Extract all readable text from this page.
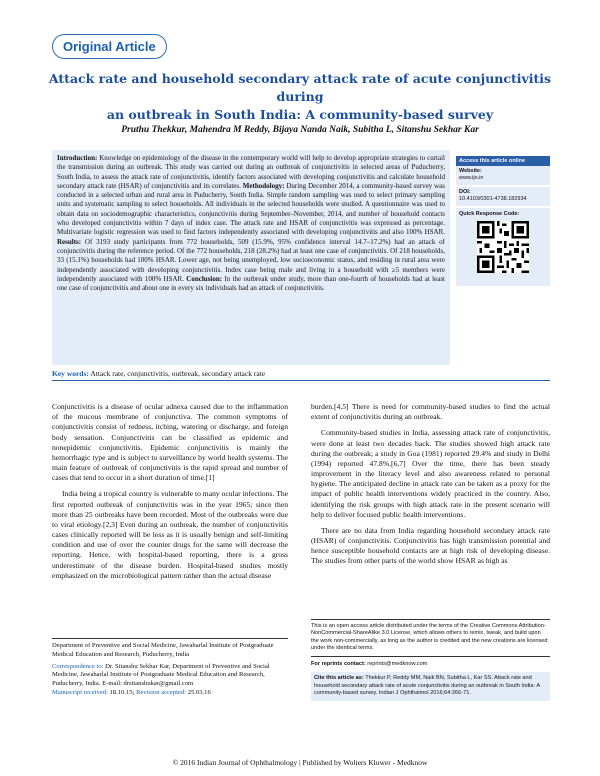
Original Article
Attack rate and household secondary attack rate of acute conjunctivitis during
an outbreak in South India: A community-based survey
Pruthu Thekkur, Mahendra M Reddy, Bijaya Nanda Naik, Subitha L, Sitanshu Sekhar Kar
Introduction: Knowledge on epidemiology of the disease in the contemporary world will help to develop appropriate strategies to curtail the transmission during an outbreak. This study was carried out during an outbreak of conjunctivitis in selected areas of Puducherry, South India, to assess the attack rate of conjunctivitis, identify factors associated with developing conjunctivitis and calculate household secondary attack rate (HSAR) of conjunctivitis and its correlates. Methodology: During December 2014, a community-based survey was conducted in a selected urban and rural area in Puducherry, South India. Simple random sampling was used to select primary sampling units and systematic sampling to select households. All individuals in the selected households were studied. A questionnaire was used to obtain data on sociodemographic characteristics, conjunctivitis during September–November, 2014, and number of household contacts who developed conjunctivitis within 7 days of index case. The attack rate and HSAR of conjunctivitis was expressed as percentage. Multivariate logistic regression was used to find factors independently associated with developing conjunctivitis and also 100% HSAR. Results: Of 3193 study participants from 772 households, 509 (15.9%, 95% confidence interval 14.7–17.2%) had an attack of conjunctivitis during the reference period. Of the 772 households, 218 (28.2%) had at least one case of conjunctivitis. Of 218 households, 33 (15.1%) households had 100% HSAR. Lower age, not being unemployed, low socioeconomic status, and residing in rural area were independently associated with developing conjunctivitis. Index case being male and living in a household with ≥5 members were independently associated with 100% HSAR. Conclusion: In the outbreak under study, more than one-fourth of households had at least one case of conjunctivitis and about one in every six individuals had an attack of conjunctivitis.
Access this article online
Website:
www.ijo.in
DOI:
10.4103/0301-4738.182934
Quick Response Code:
Key words: Attack rate, conjunctivitis, outbreak, secondary attack rate

Conjunctivitis is a disease of ocular adnexa caused due to the inflammation of the mucous membrane of conjunctiva. The common symptoms of conjunctivitis consist of redness, itching, watering or discharge, and foreign body sensation. Conjunctivitis can be classified as epidemic and nonepidemic conjunctivitis. Epidemic conjunctivitis is mainly the hemorrhagic type and is subject to surveillance by world health systems. The main feature of outbreak of conjunctivitis is the rapid spread and number of cases that tend to occur in a short duration of time.[1]

India being a tropical country is vulnerable to many ocular infections. The first reported outbreak of conjunctivitis was in the year 1965; since then more than 25 outbreaks have been recorded. Most of the outbreaks were due to viral etiology.[2,3] Even during an outbreak, the number of conjunctivitis cases clinically reported will be less as it is usually benign and self-limiting condition and use of over the counter drugs for the same will decrease the reporting. Hence, with hospital-based reporting, there is a gross underestimate of the disease burden. Hospital-based studies mostly emphasized on the microbiological pattern rather than the actual disease

burden.[4,5] There is need for community-based studies to find the actual extent of conjunctivitis during an outbreak.

Community-based studies in India, assessing attack rate of conjunctivitis, were done at least two decades back. The studies showed high attack rate during the outbreak; a study in Goa (1981) reported 29.4% and study in Delhi (1994) reported 47.8%.[6,7] Over the time, there has been steady improvement in the literacy level and also awareness related to personal hygiene. The anticipated decline in attack rate can be taken as a proxy for the impact of public health interventions widely practiced in the country. Also, identifying the risk groups with high attack rate in the present scenario will help to deliver focused public health interventions.

There are no data from India regarding household secondary attack rate (HSAR) of conjunctivitis. Conjunctivitis has high transmission potential and hence susceptible household contacts are at high risk of developing disease. The studies from other parts of the world show HSAR as high as

Department of Preventive and Social Medicine, Jawaharlal Institute of Postgraduate Medical Education and Research, Puducherry, India
Correspondence to: Dr. Sitanshu Sekhar Kar, Department of Preventive and Social Medicine, Jawaharlal Institute of Postgraduate Medical Education and Research, Puducherry, India. E-mail: drsitanshukar@gmail.com
Manuscript received: 18.10.15; Revision accepted: 25.03.16
This is an open access article distributed under the terms of the Creative Commons Attribution-NonCommercial-ShareAlike 3.0 License, which allows others to remix, tweak, and build upon the work non-commercially, as long as the author is credited and the new creations are licensed under the identical terms.
For reprints contact: reprints@medknow.com
Cite this article as: Thekkur P, Reddy MM, Naik BN, Subitha L, Kar SS. Attack rate and household secondary attack rate of acute conjunctivitis during an outbreak in South India: A community-based survey. Indian J Ophthalmol 2016;64:266-71.
© 2016 Indian Journal of Ophthalmology | Published by Wolters Kluwer - Medknow
